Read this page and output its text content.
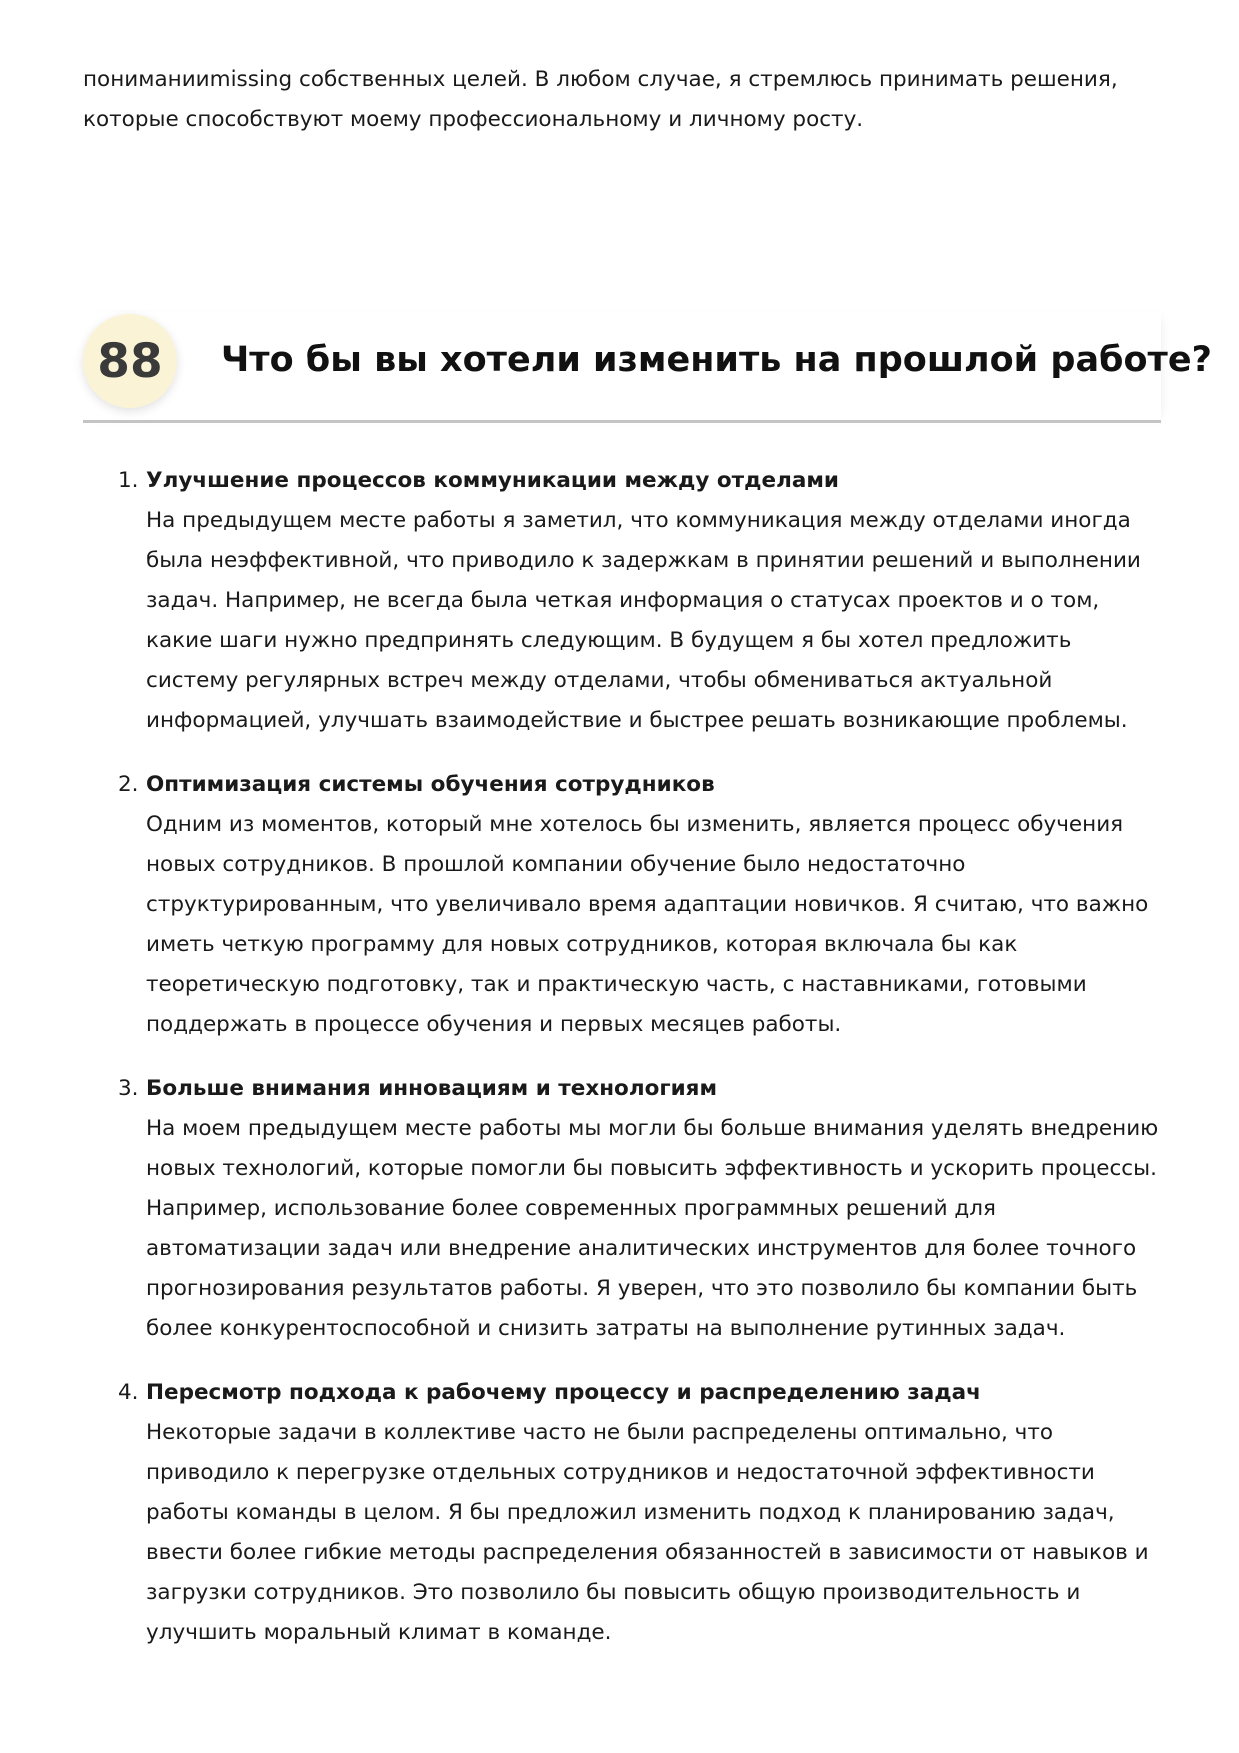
пониманииmissing собственных целей. В любом случае, я стремлюсь принимать решения, которые способствуют моему профессиональному и личному росту.

88	Что бы вы хотели изменить на прошлой работе?
1. Улучшение процессов коммуникации между отделами
На предыдущем месте работы я заметил, что коммуникация между отделами иногда была неэффективной, что приводило к задержкам в принятии решений и выполнении задач. Например, не всегда была четкая информация о статусах проектов и о том, какие шаги нужно предпринять следующим. В будущем я бы хотел предложить систему регулярных встреч между отделами, чтобы обмениваться актуальной информацией, улучшать взаимодействие и быстрее решать возникающие проблемы.
2. Оптимизация системы обучения сотрудников
Одним из моментов, который мне хотелось бы изменить, является процесс обучения новых сотрудников. В прошлой компании обучение было недостаточно структурированным, что увеличивало время адаптации новичков. Я считаю, что важно иметь четкую программу для новых сотрудников, которая включала бы как теоретическую подготовку, так и практическую часть, с наставниками, готовыми поддержать в процессе обучения и первых месяцев работы.
3. Больше внимания инновациям и технологиям
На моем предыдущем месте работы мы могли бы больше внимания уделять внедрению новых технологий, которые помогли бы повысить эффективность и ускорить процессы. Например, использование более современных программных решений для автоматизации задач или внедрение аналитических инструментов для более точного прогнозирования результатов работы. Я уверен, что это позволило бы компании быть более конкурентоспособной и снизить затраты на выполнение рутинных задач.
4. Пересмотр подхода к рабочему процессу и распределению задач
Некоторые задачи в коллективе часто не были распределены оптимально, что приводило к перегрузке отдельных сотрудников и недостаточной эффективности работы команды в целом. Я бы предложил изменить подход к планированию задач, ввести более гибкие методы распределения обязанностей в зависимости от навыков и загрузки сотрудников. Это позволило бы повысить общую производительность и улучшить моральный климат в команде.
